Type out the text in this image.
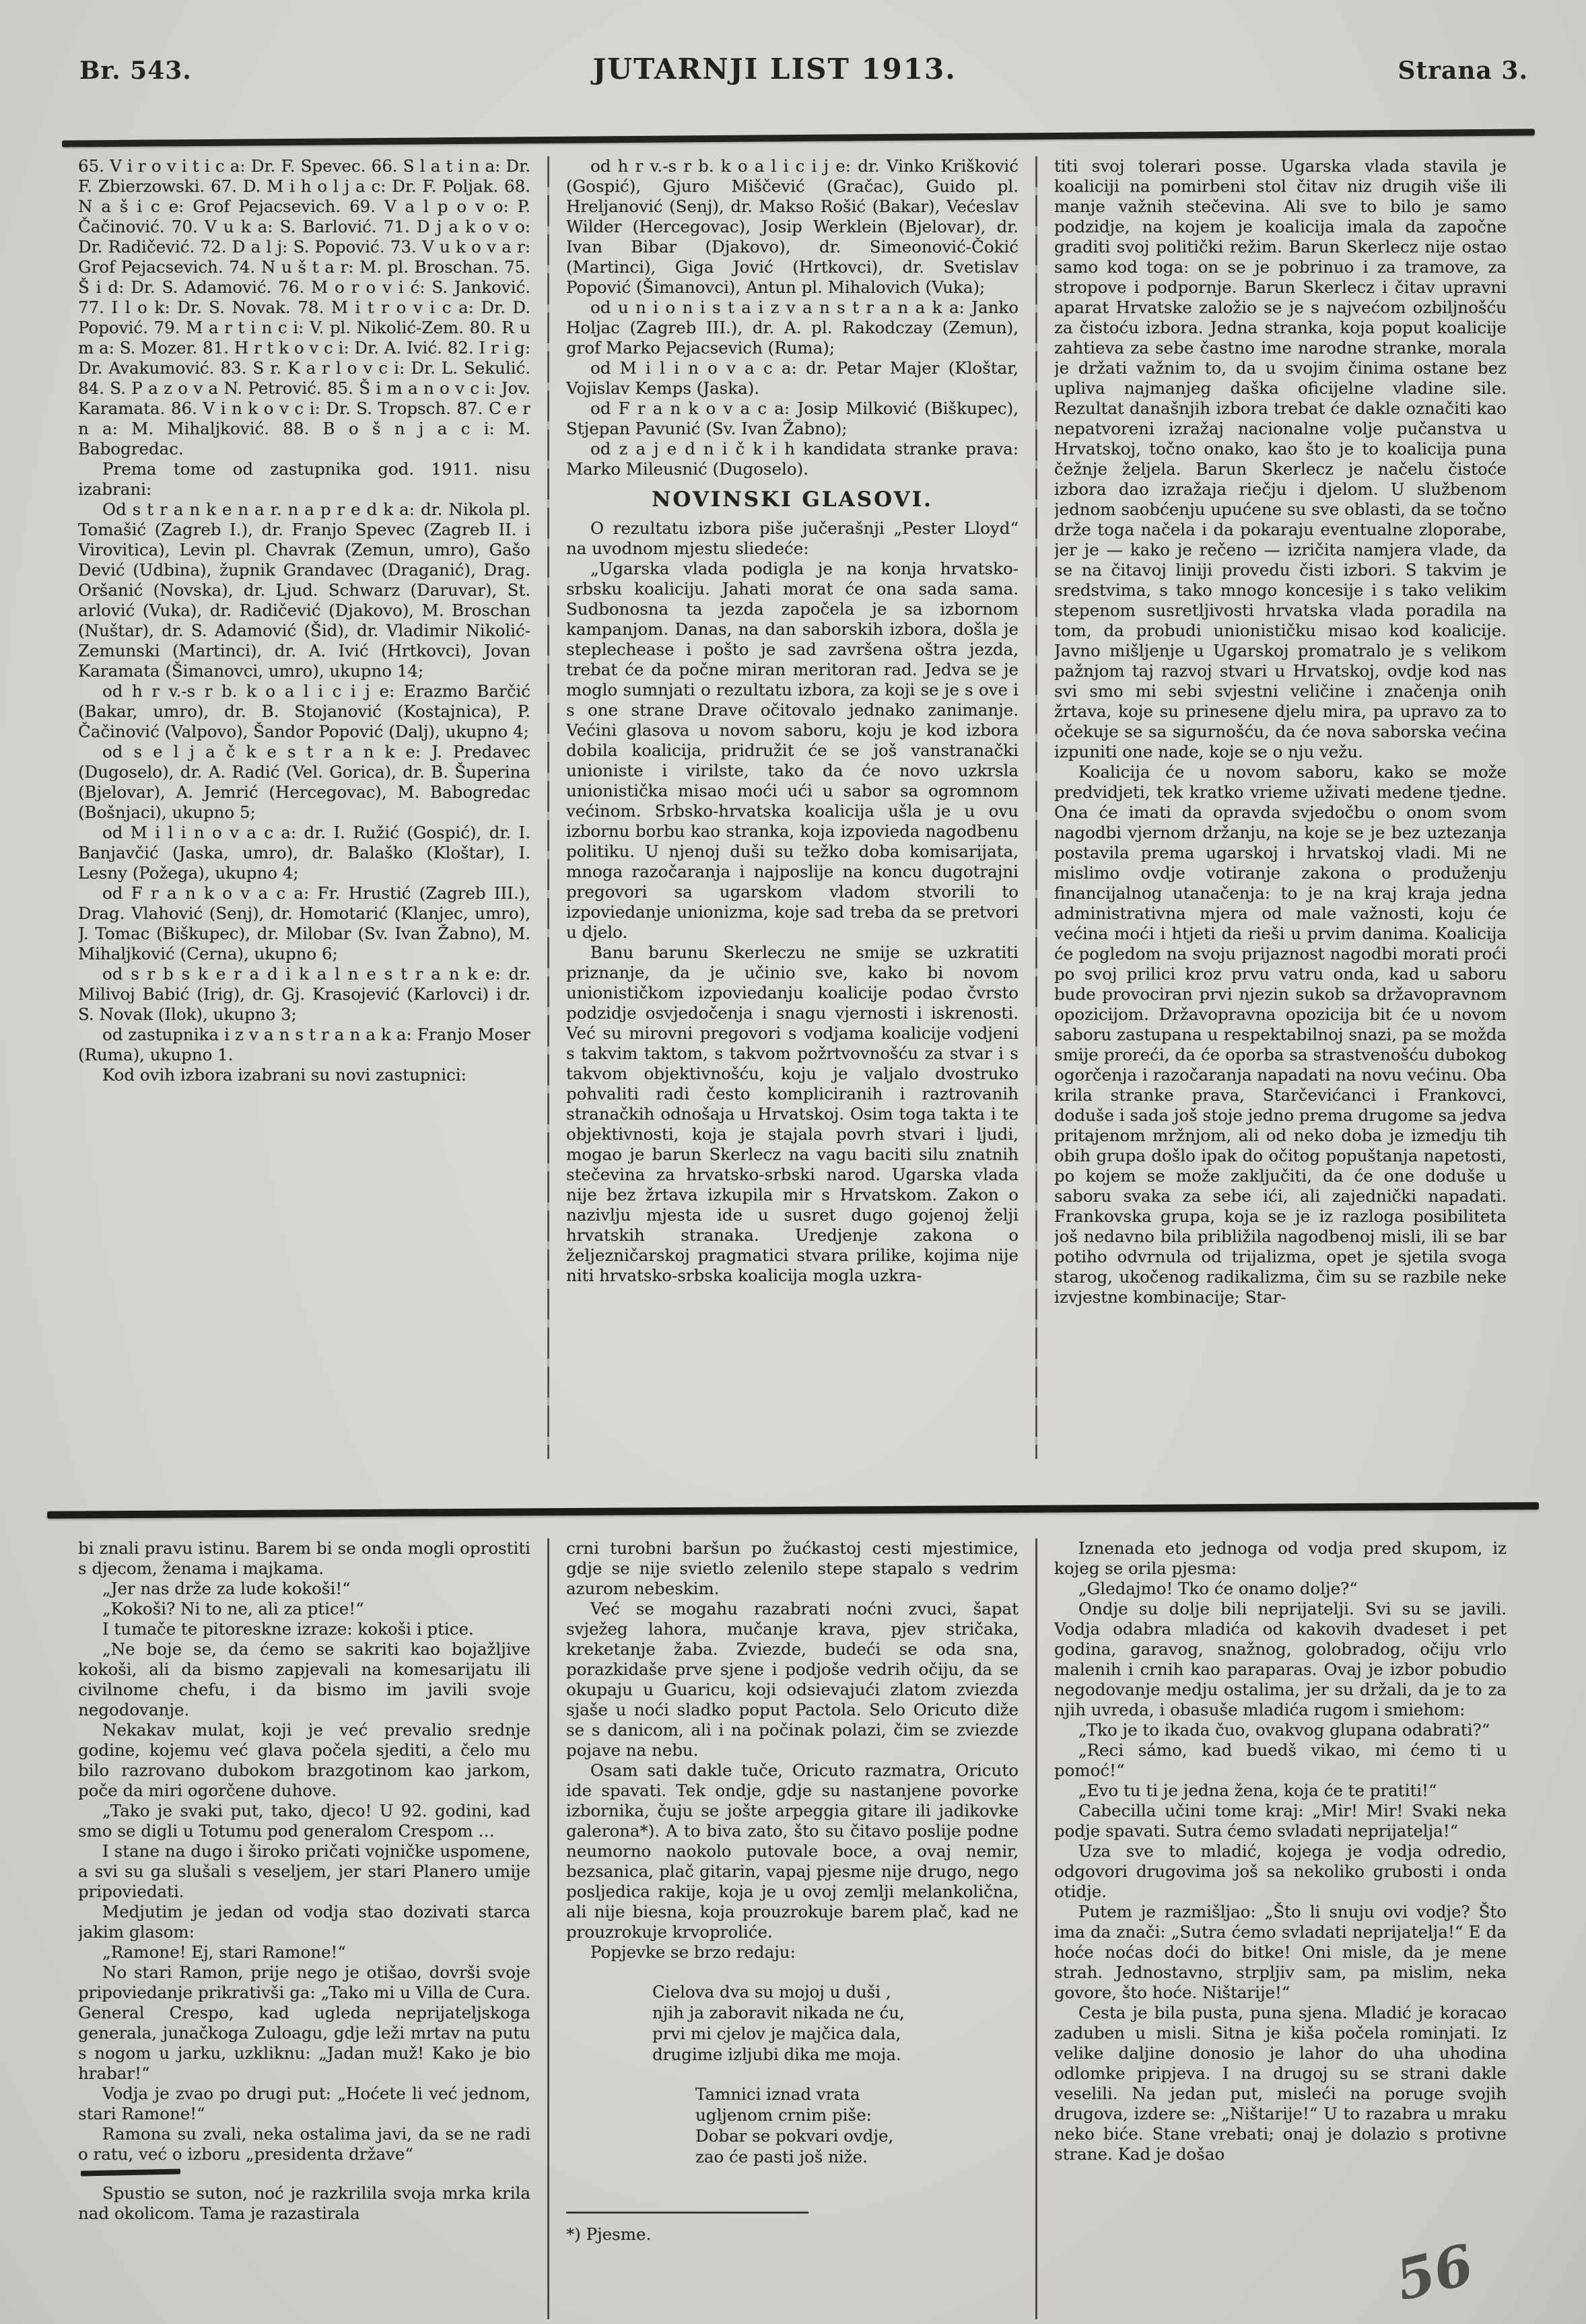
Br. 543.	JUTARNJI LIST 1913.	Strana 3.

65. V i r o v i t i c a: Dr. F. Spevec. 66. S l a t i n a: Dr. F. Zbierzowski. 67. D. M i h o l j a c: Dr. F. Poljak. 68. N a š i c e: Grof Pejacsevich. 69. V a l p o v o: P. Čačinović. 70. V u k a: S. Barlović. 71. D j a k o v o: Dr. Radičević. 72. D a l j: S. Popović. 73. V u k o v a r: Grof Pejacsevich. 74. N u š t a r: M. pl. Broschan. 75. Š i d: Dr. S. Adamović. 76. M o r o v i ć: S. Janković. 77. I l o k: Dr. S. Novak. 78. M i t r o v i c a: Dr. D. Popović. 79. M a r t i n c i: V. pl. Nikolić-Zem. 80. R u m a: S. Mozer. 81. H r t k o v c i: Dr. A. Ivić. 82. I r i g: Dr. Avakumović. 83. S r. K a r l o v c i: Dr. L. Sekulić. 84. S. P a z o v a N. Petrović. 85. Š i m a n o v c i: Jov. Karamata. 86. V i n k o v c i: Dr. S. Tropsch. 87. C e r n a: M. Mihaljković. 88. B o š n j a c i: M. Babogredac.

Prema tome od zastupnika god. 1911. nisu izabrani:

Od s t r a n k e n a r. n a p r e d k a: dr. Nikola pl. Tomašić (Zagreb I.), dr. Franjo Spevec (Zagreb II. i Virovitica), Levin pl. Chavrak (Zemun, umro), Gašo Dević (Udbina), župnik Grandavec (Draganić), Drag. Oršanić (Novska), dr. Ljud. Schwarz (Daruvar), St. arlović (Vuka), dr. Radičević (Djakovo), M. Broschan (Nuštar), dr. S. Adamović (Šid), dr. Vladimir Nikolić-Zemunski (Martinci), dr. A. Ivić (Hrtkovci), Jovan Karamata (Šimanovci, umro), ukupno 14;

od h r v.-s r b. k o a l i c i j e: Erazmo Barčić (Bakar, umro), dr. B. Stojanović (Kostajnica), P. Čačinović (Valpovo), Šandor Popović (Dalj), ukupno 4;

od s e l j a č k e s t r a n k e: J. Predavec (Dugoselo), dr. A. Radić (Vel. Gorica), dr. B. Šuperina (Bjelovar), A. Jemrić (Hercegovac), M. Babogredac (Bošnjaci), ukupno 5;

od M i l i n o v a c a: dr. I. Ružić (Gospić), dr. I. Banjavčić (Jaska, umro), dr. Balaško (Kloštar), I. Lesny (Požega), ukupno 4;

od F r a n k o v a c a: Fr. Hrustić (Zagreb III.), Drag. Vlahović (Senj), dr. Homotarić (Klanjec, umro), J. Tomac (Biškupec), dr. Milobar (Sv. Ivan Žabno), M. Mihaljković (Cerna), ukupno 6;

od s r b s k e r a d i k a l n e s t r a n k e: dr. Milivoj Babić (Irig), dr. Gj. Krasojević (Karlovci) i dr. S. Novak (Ilok), ukupno 3;

od zastupnika i z v a n s t r a n a k a: Franjo Moser (Ruma), ukupno 1.

Kod ovih izbora izabrani su novi zastupnici:

od h r v.-s r b. k o a l i c i j e: dr. Vinko Krišković (Gospić), Gjuro Miščević (Gračac), Guido pl. Hreljanović (Senj), dr. Makso Rošić (Bakar), Većeslav Wilder (Hercegovac), Josip Werklein (Bjelovar), dr. Ivan Bibar (Djakovo), dr. Simeonović-Čokić (Martinci), Giga Jović (Hrtkovci), dr. Svetislav Popović (Šimanovci), Antun pl. Mihalovich (Vuka);

od u n i o n i s t a i z v a n s t r a n a k a: Janko Holjac (Zagreb III.), dr. A. pl. Rakodczay (Zemun), grof Marko Pejacsevich (Ruma);

od M i l i n o v a c a: dr. Petar Majer (Kloštar, Vojislav Kemps (Jaska).

od F r a n k o v a c a: Josip Milković (Biškupec), Stjepan Pavunić (Sv. Ivan Žabno);

od z a j e d n i č k i h kandidata stranke prava: Marko Mileusnić (Dugoselo).

NOVINSKI GLASOVI.

O rezultatu izbora piše jučerašnji „Pester Lloyd“ na uvodnom mjestu sliedeće:

„Ugarska vlada podigla je na konja hrvatsko-srbsku koaliciju. Jahati morat će ona sada sama. Sudbonosna ta jezda započela je sa izbornom kampanjom. Danas, na dan saborskih izbora, došla je steplechease i pošto je sad završena oštra jezda, trebat će da počne miran meritoran rad. Jedva se je moglo sumnjati o rezultatu izbora, za koji se je s ove i s one strane Drave očitovalo jednako zanimanje. Većini glasova u novom saboru, koju je kod izbora dobila koalicija, pridružit će se još vanstranački unioniste i virilste, tako da će novo uzkrsla unionistička misao moći ući u sabor sa ogromnom većinom. Srbsko-hrvatska koalicija ušla je u ovu izbornu borbu kao stranka, koja izpovieda nagodbenu politiku. U njenoj duši su težko doba komisarijata, mnoga razočaranja i najposlije na koncu dugotrajni pregovori sa ugarskom vladom stvorili to izpoviedanje unionizma, koje sad treba da se pretvori u djelo.

Banu barunu Skerleczu ne smije se uzkratiti priznanje, da je učinio sve, kako bi novom unionističkom izpoviedanju koalicije podao čvrsto podzidje osvjedočenja i snagu vjernosti i iskrenosti. Već su mirovni pregovori s vodjama koalicije vodjeni s takvim taktom, s takvom požrtvovnošću za stvar i s takvom objektivnošću, koju je valjalo dvostruko pohvaliti radi često kompliciranih i raztrovanih stranačkih odnošaja u Hrvatskoj. Osim toga takta i te objektivnosti, koja je stajala povrh stvari i ljudi, mogao je barun Skerlecz na vagu baciti silu znatnih stečevina za hrvatsko-srbski narod. Ugarska vlada nije bez žrtava izkupila mir s Hrvatskom. Zakon o nazivlju mjesta ide u susret dugo gojenoj želji hrvatskih stranaka. Uredjenje zakona o željezničarskoj pragmatici stvara prilike, kojima nije niti hrvatsko-srbska koalicija mogla uzkra-

titi svoj tolerari posse. Ugarska vlada stavila je koaliciji na pomirbeni stol čitav niz drugih više ili manje važnih stečevina. Ali sve to bilo je samo podzidje, na kojem je koalicija imala da započne graditi svoj politički režim. Barun Skerlecz nije ostao samo kod toga: on se je pobrinuo i za tramove, za stropove i podpornje. Barun Skerlecz i čitav upravni aparat Hrvatske založio se je s najvećom ozbiljnošću za čistoću izbora. Jedna stranka, koja poput koalicije zahtieva za sebe častno ime narodne stranke, morala je držati važnim to, da u svojim činima ostane bez upliva najmanjeg daška oficijelne vladine sile. Rezultat današnjih izbora trebat će dakle označiti kao nepatvoreni izražaj nacionalne volje pučanstva u Hrvatskoj, točno onako, kao što je to koalicija puna čežnje željela. Barun Skerlecz je načelu čistoće izbora dao izražaja riečju i djelom. U službenom jednom saobćenju upućene su sve oblasti, da se točno drže toga načela i da pokaraju eventualne zloporabe, jer je — kako je rečeno — izričita namjera vlade, da se na čitavoj liniji provedu čisti izbori. S takvim je sredstvima, s tako mnogo koncesije i s tako velikim stepenom susretljivosti hrvatska vlada poradila na tom, da probudi unionističku misao kod koalicije. Javno mišljenje u Ugarskoj promatralo je s velikom pažnjom taj razvoj stvari u Hrvatskoj, ovdje kod nas svi smo mi sebi svjestni veličine i značenja onih žrtava, koje su prinesene djelu mira, pa upravo za to očekuje se sa sigurnošću, da će nova saborska većina izpuniti one nade, koje se o nju vežu.

Koalicija će u novom saboru, kako se može predvidjeti, tek kratko vrieme uživati medene tjedne. Ona će imati da opravda svjedočbu o onom svom nagodbi vjernom držanju, na koje se je bez uztezanja postavila prema ugarskoj i hrvatskoj vladi. Mi ne mislimo ovdje votiranje zakona o produženju financijalnog utanačenja: to je na kraj kraja jedna administrativna mjera od male važnosti, koju će većina moći i htjeti da rieši u prvim danima. Koalicija će pogledom na svoju prijaznost nagodbi morati proći po svoj prilici kroz prvu vatru onda, kad u saboru bude provociran prvi njezin sukob sa državopravnom opozicijom. Državopravna opozicija bit će u novom saboru zastupana u respektabilnoj snazi, pa se možda smije proreći, da će oporba sa strastvenošću dubokog ogorčenja i razočaranja napadati na novu većinu. Oba krila stranke prava, Starčevićanci i Frankovci, doduše i sada još stoje jedno prema drugome sa jedva pritajenom mržnjom, ali od neko doba je izmedju tih obih grupa došlo ipak do očitog popuštanja napetosti, po kojem se može zaključiti, da će one doduše u saboru svaka za sebe ići, ali zajednički napadati. Frankovska grupa, koja se je iz razloga posibiliteta još nedavno bila približila nagodbenoj misli, ili se bar potiho odvrnula od trijalizma, opet je sjetila svoga starog, ukočenog radikalizma, čim su se razbile neke izvjestne kombinacije; Star-

bi znali pravu istinu. Barem bi se onda mogli oprostiti s djecom, ženama i majkama.

„Jer nas drže za lude kokoši!“

„Kokoši? Ni to ne, ali za ptice!“

I tumače te pitoreskne izraze: kokoši i ptice.

„Ne boje se, da ćemo se sakriti kao bojažljive kokoši, ali da bismo zapjevali na komesarijatu ili civilnome chefu, i da bismo im javili svoje negodovanje.

Nekakav mulat, koji je već prevalio srednje godine, kojemu već glava počela sjediti, a čelo mu bilo razrovano dubokom brazgotinom kao jarkom, poče da miri ogorčene duhove.

„Tako je svaki put, tako, djeco! U 92. godini, kad smo se digli u Totumu pod generalom Crespom …

I stane na dugo i široko pričati vojničke uspomene, a svi su ga slušali s veseljem, jer stari Planero umije pripoviedati.

Medjutim je jedan od vodja stao dozivati starca jakim glasom:

„Ramone! Ej, stari Ramone!“

No stari Ramon, prije nego je otišao, dovrši svoje pripoviedanje prikrativši ga: „Tako mi u Villa de Cura. General Crespo, kad ugleda neprijateljskoga generala, junačkoga Zuloagu, gdje leži mrtav na putu s nogom u jarku, uzkliknu: „Jadan muž! Kako je bio hrabar!“

Vodja je zvao po drugi put: „Hoćete li već jednom, stari Ramone!“

Ramona su zvali, neka ostalima javi, da se ne radi o ratu, već o izboru „presidenta države“

Spustio se suton, noć je razkrilila svoja mrka krila nad okolicom. Tama je razastirala

crni turobni baršun po žućkastoj cesti mjestimice, gdje se nije svietlo zelenilo stepe stapalo s vedrim azurom nebeskim.

Već se mogahu razabrati noćni zvuci, šapat svježeg lahora, mučanje krava, pjev stričaka, kreketanje žaba. Zviezde, budeći se oda sna, porazkidaše prve sjene i podjoše vedrih očiju, da se okupaju u Guaricu, koji odsievajući zlatom zviezda sjaše u noći sladko poput Pactola. Selo Oricuto diže se s danicom, ali i na počinak polazi, čim se zviezde pojave na nebu.

Osam sati dakle tuče, Oricuto razmatra, Oricuto ide spavati. Tek ondje, gdje su nastanjene povorke izbornika, čuju se jošte arpeggia gitare ili jadikovke galerona*). A to biva zato, što su čitavo poslije podne neumorno naokolo putovale boce, a ovaj nemir, bezsanica, plač gitarin, vapaj pjesme nije drugo, nego posljedica rakije, koja je u ovoj zemlji melankolična, ali nije biesna, koja prouzrokuje barem plač, kad ne prouzrokuje krvoproliće.

Popjevke se brzo redaju:

Cielova dva su mojoj u duši ,
njih ja zaboravit nikada ne ću,
prvi mi cjelov je majčica dala,
drugime izljubi dika me moja.
Tamnici iznad vrata
ugljenom crnim piše:
Dobar se pokvari ovdje,
zao će pasti još niže.

*) Pjesme.

Iznenada eto jednoga od vodja pred skupom, iz kojeg se orila pjesma:

„Gledajmo! Tko će onamo dolje?“

Ondje su dolje bili neprijatelji. Svi su se javili. Vodja odabra mladića od kakovih dvadeset i pet godina, garavog, snažnog, golobradog, očiju vrlo malenih i crnih kao paraparas. Ovaj je izbor pobudio negodovanje medju ostalima, jer su držali, da je to za njih uvreda, i obasuše mladića rugom i smiehom:

„Tko je to ikada čuo, ovakvog glupana odabrati?“

„Reci sámo, kad buedš vikao, mi ćemo ti u pomoć!“

„Evo tu ti je jedna žena, koja će te pratiti!“

Cabecilla učini tome kraj: „Mir! Mir! Svaki neka podje spavati. Sutra ćemo svladati neprijatelja!“

Uza sve to mladić, kojega je vodja odredio, odgovori drugovima još sa nekoliko grubosti i onda otidje.

Putem je razmišljao: „Što li snuju ovi vodje? Što ima da znači: „Sutra ćemo svladati neprijatelja!“ E da hoće noćas doći do bitke! Oni misle, da je mene strah. Jednostavno, strpljiv sam, pa mislim, neka govore, što hoće. Ništarije!“

Cesta je bila pusta, puna sjena. Mladić je koracao zaduben u misli. Sitna je kiša počela rominjati. Iz velike daljine donosio je lahor do uha uhodina odlomke pripjeva. I na drugoj su se strani dakle veselili. Na jedan put, misleći na poruge svojih drugova, izdere se: „Ništarije!“ U to razabra u mraku neko biće. Stane vrebati; onaj je dolazio s protivne strane. Kad je došao

56
